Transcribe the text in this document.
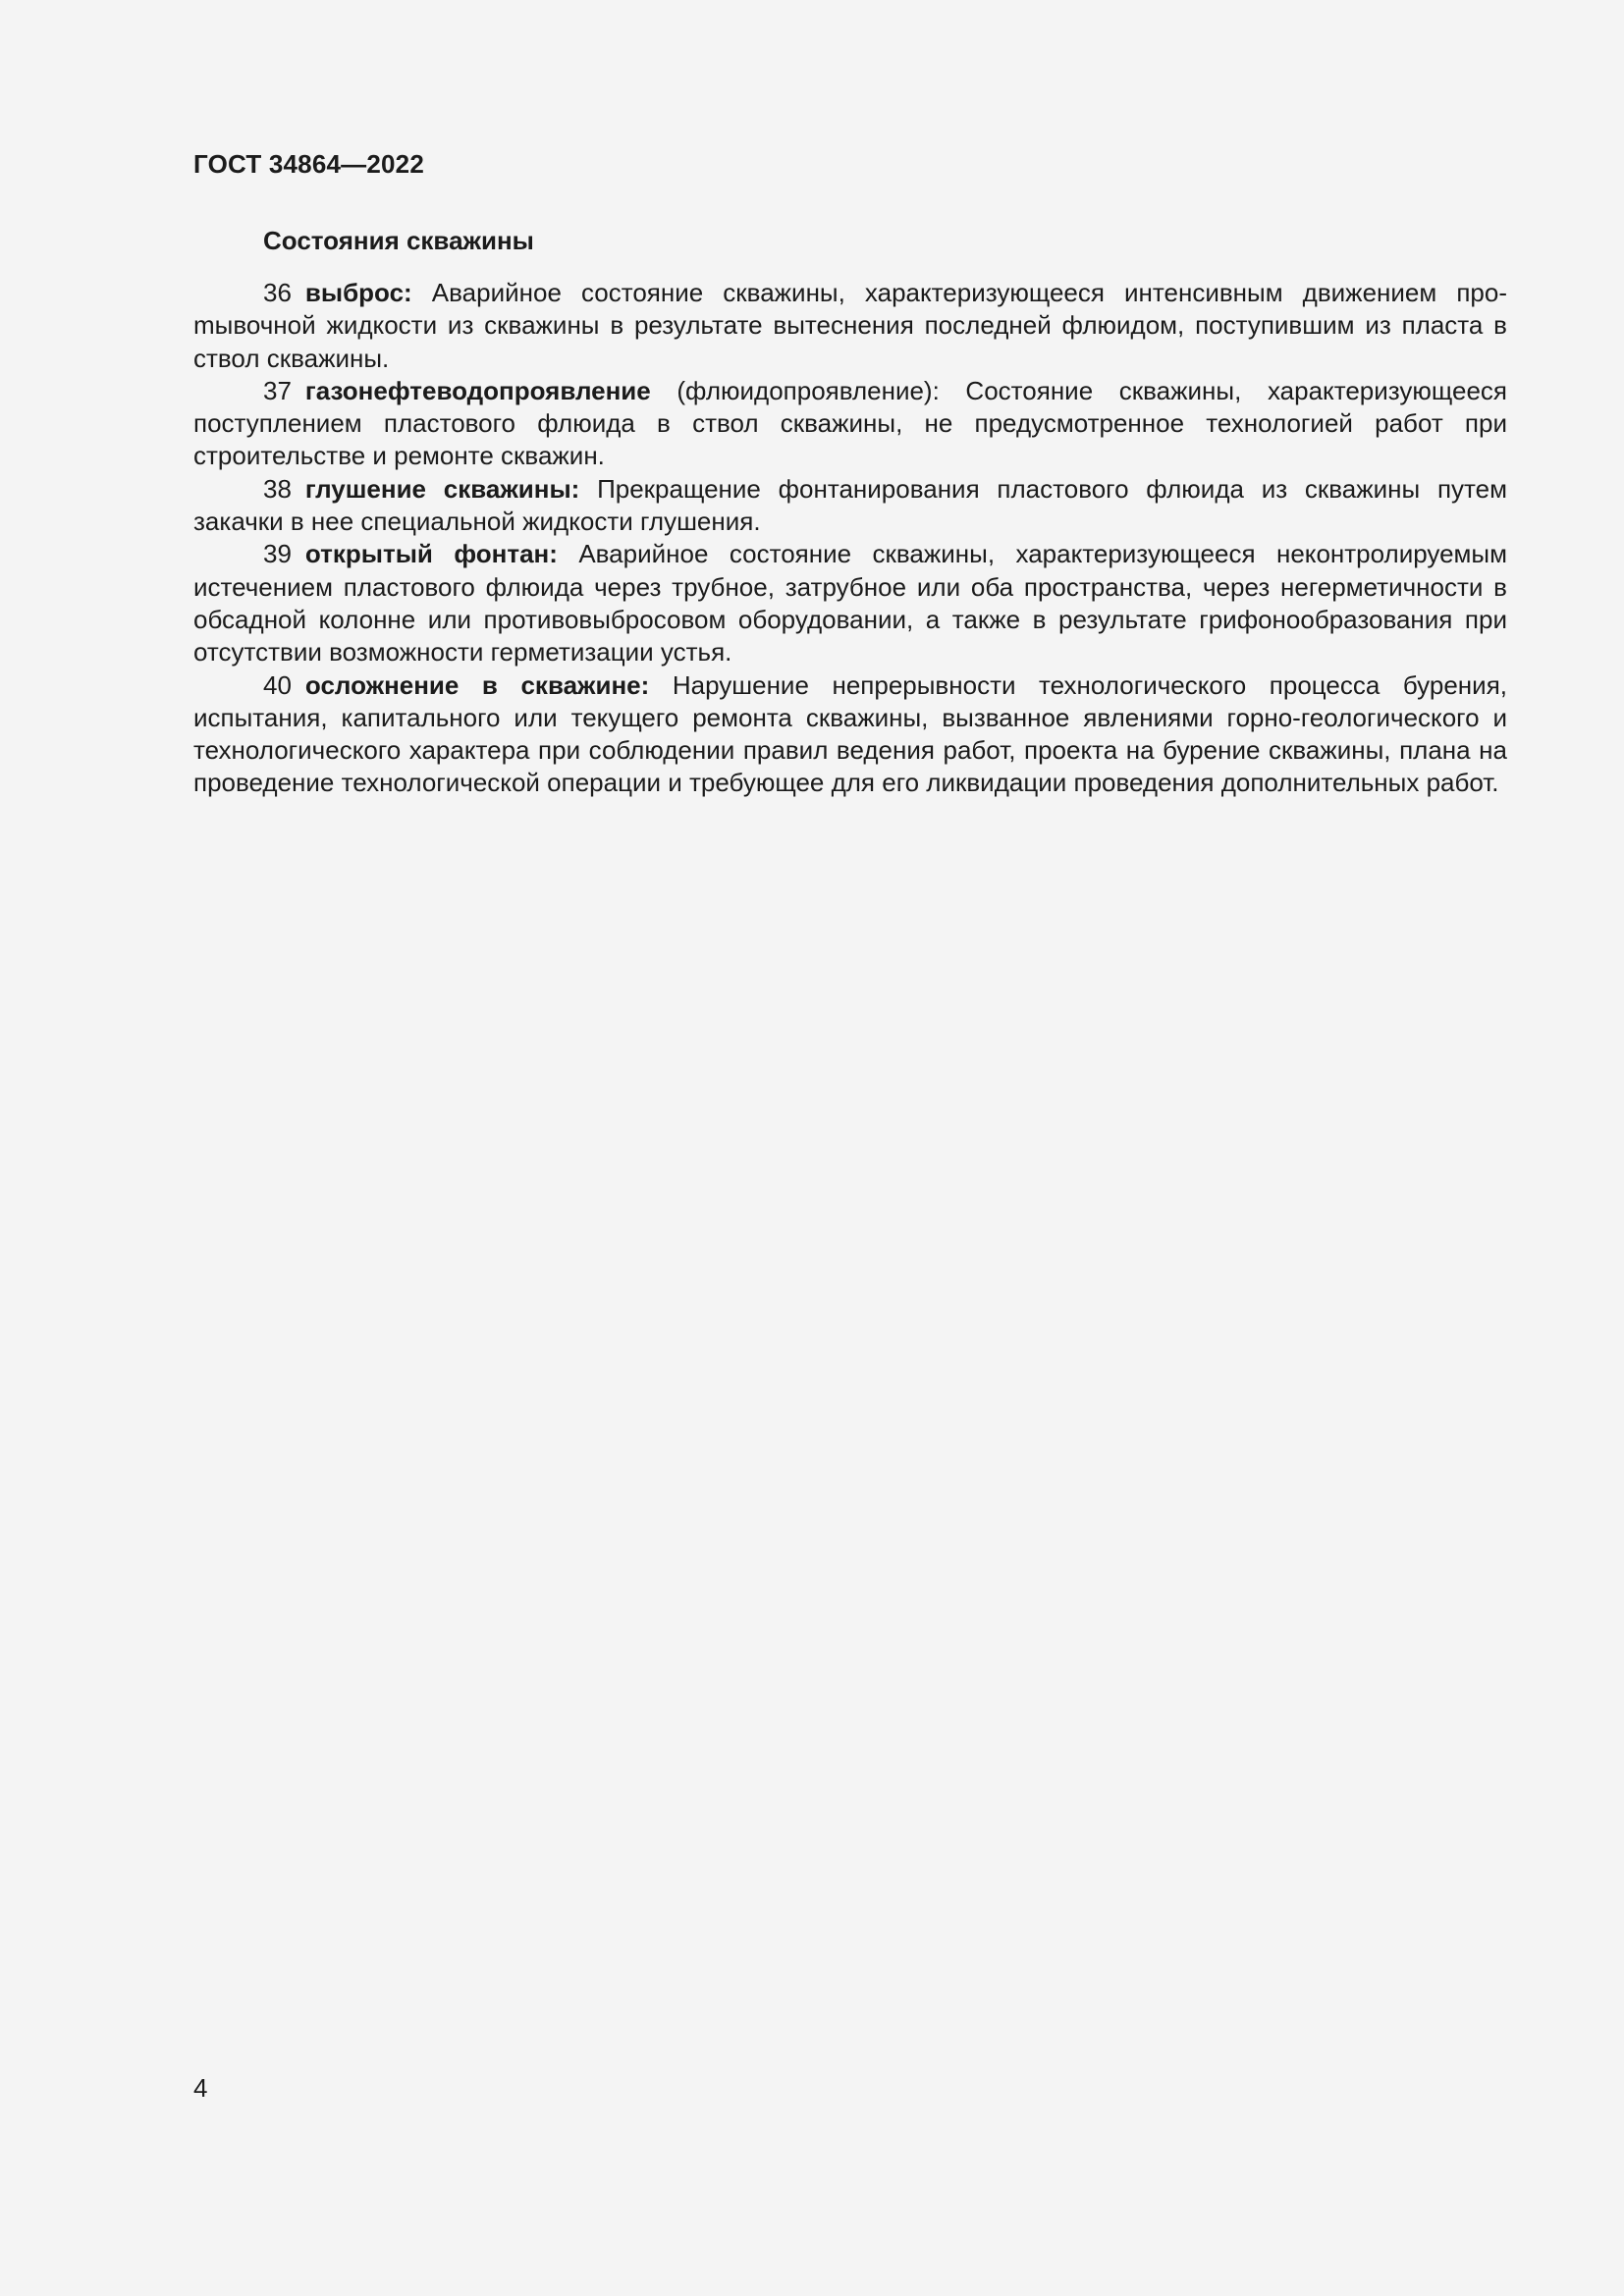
ГОСТ 34864—2022
Состояния скважины

36 выброс: Аварийное состояние скважины, характеризующееся интенсивным движением проmывочной жидкости из скважины в результате вытеснения последней флюидом, поступившим из пласта в ствол скважины.

37 газонефтеводопроявление (флюидопроявление): Состояние скважины, характеризующееся поступлением пластового флюида в ствол скважины, не предусмотренное технологией работ при строительстве и ремонте скважин.

38 глушение скважины: Прекращение фонтанирования пластового флюида из скважины путем закачки в нее специальной жидкости глушения.

39 открытый фонтан: Аварийное состояние скважины, характеризующееся неконтролируемым истечением пластового флюида через трубное, затрубное или оба пространства, через негерметичности в обсадной колонне или противовыбросовом оборудовании, а также в результате грифонообразования при отсутствии возможности герметизации устья.

40 осложнение в скважине: Нарушение непрерывности технологического процесса бурения, испытания, капитального или текущего ремонта скважины, вызванное явлениями горно-геологического и технологического характера при соблюдении правил ведения работ, проекта на бурение скважины, плана на проведение технологической операции и требующее для его ликвидации проведения дополнительных работ.

4
